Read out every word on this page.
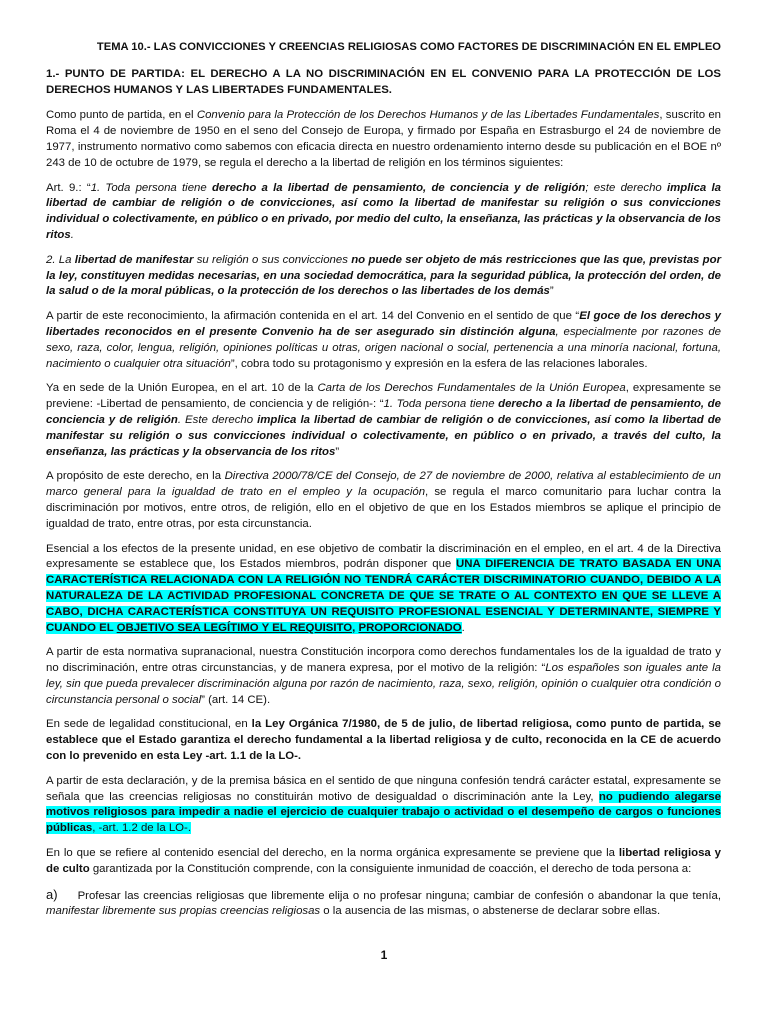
TEMA 10.- LAS CONVICCIONES Y CREENCIAS RELIGIOSAS COMO FACTORES DE DISCRIMINACIÓN EN EL EMPLEO
1.- PUNTO DE PARTIDA: EL DERECHO A LA NO DISCRIMINACIÓN EN EL CONVENIO PARA LA PROTECCIÓN DE LOS DERECHOS HUMANOS Y LAS LIBERTADES FUNDAMENTALES.

Como punto de partida, en el Convenio para la Protección de los Derechos Humanos y de las Libertades Fundamentales, suscrito en Roma el 4 de noviembre de 1950 en el seno del Consejo de Europa, y firmado por España en Estrasburgo el 24 de noviembre de 1977, instrumento normativo como sabemos con eficacia directa en nuestro ordenamiento interno desde su publicación en el BOE nº 243 de 10 de octubre de 1979, se regula el derecho a la libertad de religión en los términos siguientes:

Art. 9.: “1. Toda persona tiene derecho a la libertad de pensamiento, de conciencia y de religión; este derecho implica la libertad de cambiar de religión o de convicciones, así como la libertad de manifestar su religión o sus convicciones individual o colectivamente, en público o en privado, por medio del culto, la enseñanza, las prácticas y la observancia de los ritos.

2. La libertad de manifestar su religión o sus convicciones no puede ser objeto de más restricciones que las que, previstas por la ley, constituyen medidas necesarias, en una sociedad democrática, para la seguridad pública, la protección del orden, de la salud o de la moral públicas, o la protección de los derechos o las libertades de los demás”

A partir de este reconocimiento, la afirmación contenida en el art. 14 del Convenio en el sentido de que “El goce de los derechos y libertades reconocidos en el presente Convenio ha de ser asegurado sin distinción alguna, especialmente por razones de sexo, raza, color, lengua, religión, opiniones políticas u otras, origen nacional o social, pertenencia a una minoría nacional, fortuna, nacimiento o cualquier otra situación”, cobra todo su protagonismo y expresión en la esfera de las relaciones laborales.

Ya en sede de la Unión Europea, en el art. 10 de la Carta de los Derechos Fundamentales de la Unión Europea, expresamente se previene: -Libertad de pensamiento, de conciencia y de religión-: “1. Toda persona tiene derecho a la libertad de pensamiento, de conciencia y de religión. Este derecho implica la libertad de cambiar de religión o de convicciones, así como la libertad de manifestar su religión o sus convicciones individual o colectivamente, en público o en privado, a través del culto, la enseñanza, las prácticas y la observancia de los ritos”

A propósito de este derecho, en la Directiva 2000/78/CE del Consejo, de 27 de noviembre de 2000, relativa al establecimiento de un marco general para la igualdad de trato en el empleo y la ocupación, se regula el marco comunitario para luchar contra la discriminación por motivos, entre otros, de religión, ello en el objetivo de que en los Estados miembros se aplique el principio de igualdad de trato, entre otras, por esta circunstancia.

Esencial a los efectos de la presente unidad, en ese objetivo de combatir la discriminación en el empleo, en el art. 4 de la Directiva expresamente se establece que, los Estados miembros, podrán disponer que UNA DIFERENCIA DE TRATO BASADA EN UNA CARACTERÍSTICA RELACIONADA CON LA RELIGIÓN NO TENDRÁ CARÁCTER DISCRIMINATORIO CUANDO, DEBIDO A LA NATURALEZA DE LA ACTIVIDAD PROFESIONAL CONCRETA DE QUE SE TRATE O AL CONTEXTO EN QUE SE LLEVE A CABO, DICHA CARACTERÍSTICA CONSTITUYA UN REQUISITO PROFESIONAL ESENCIAL Y DETERMINANTE, SIEMPRE Y CUANDO EL OBJETIVO SEA LEGÍTIMO Y EL REQUISITO, PROPORCIONADO.

A partir de esta normativa supranacional, nuestra Constitución incorpora como derechos fundamentales los de la igualdad de trato y no discriminación, entre otras circunstancias, y de manera expresa, por el motivo de la religión: “Los españoles son iguales ante la ley, sin que pueda prevalecer discriminación alguna por razón de nacimiento, raza, sexo, religión, opinión o cualquier otra condición o circunstancia personal o social” (art. 14 CE).

En sede de legalidad constitucional, en la Ley Orgánica 7/1980, de 5 de julio, de libertad religiosa, como punto de partida, se establece que el Estado garantiza el derecho fundamental a la libertad religiosa y de culto, reconocida en la CE de acuerdo con lo prevenido en esta Ley -art. 1.1 de la LO-.

A partir de esta declaración, y de la premisa básica en el sentido de que ninguna confesión tendrá carácter estatal, expresamente se señala que las creencias religiosas no constituirán motivo de desigualdad o discriminación ante la Ley, no pudiendo alegarse motivos religiosos para impedir a nadie el ejercicio de cualquier trabajo o actividad o el desempeño de cargos o funciones públicas, -art. 1.2 de la LO-.

En lo que se refiere al contenido esencial del derecho, en la norma orgánica expresamente se previene que la libertad religiosa y de culto garantizada por la Constitución comprende, con la consiguiente inmunidad de coacción, el derecho de toda persona a:

a) Profesar las creencias religiosas que libremente elija o no profesar ninguna; cambiar de confesión o abandonar la que tenía, manifestar libremente sus propias creencias religiosas o la ausencia de las mismas, o abstenerse de declarar sobre ellas.

1
